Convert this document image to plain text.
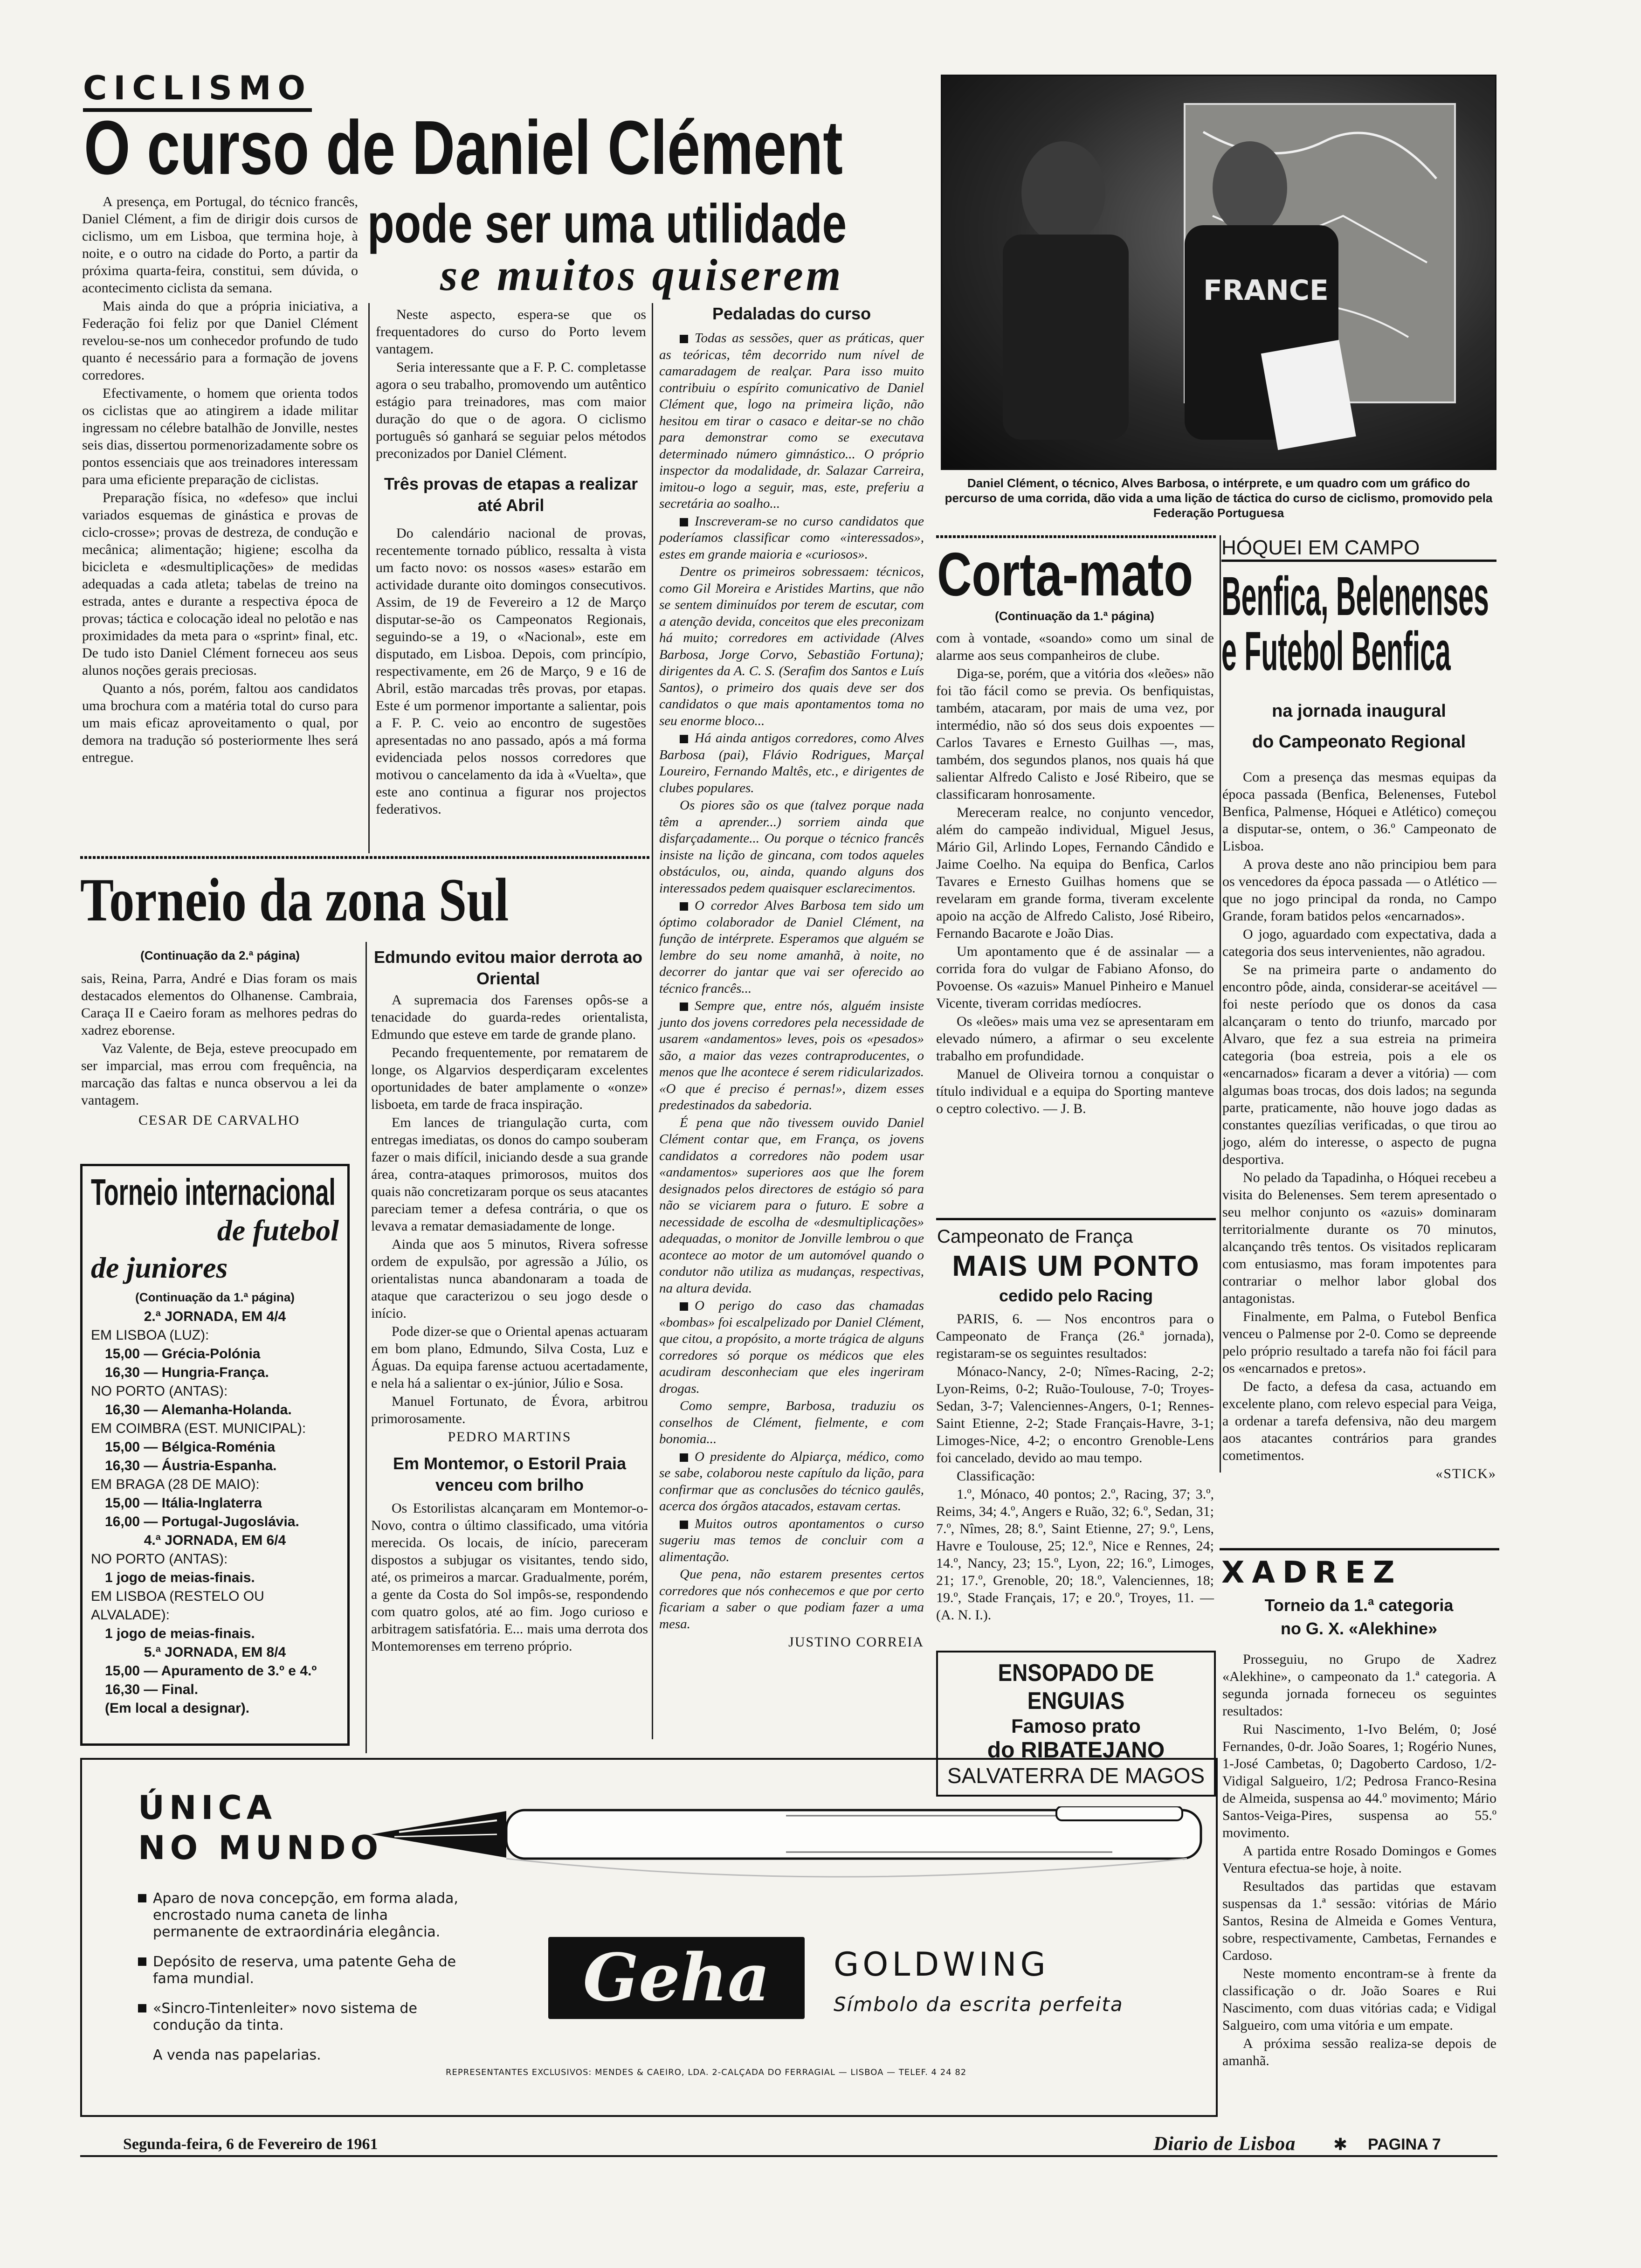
CICLISMO
O curso de Daniel Clément
pode ser uma utilidade
se muitos quiserem

A presença, em Portugal, do técnico francês, Daniel Clément, a fim de dirigir dois cursos de ciclismo, um em Lisboa, que termina hoje, à noite, e o outro na cidade do Porto, a partir da próxima quarta-feira, constitui, sem dúvida, o acontecimento ciclista da semana.

Mais ainda do que a própria iniciativa, a Federação foi feliz por que Daniel Clément revelou-se-nos um conhecedor profundo de tudo quanto é necessário para a formação de jovens corredores.

Efectivamente, o homem que orienta todos os ciclistas que ao atingirem a idade militar ingressam no célebre batalhão de Jonville, nestes seis dias, dissertou pormenorizadamente sobre os pontos essenciais que aos treinadores interessam para uma eficiente preparação de ciclistas.

Preparação física, no «defeso» que inclui variados esquemas de ginástica e provas de ciclo-crosse»; provas de destreza, de condução e mecânica; alimentação; higiene; escolha da bicicleta e «desmultiplicações» de medidas adequadas a cada atleta; tabelas de treino na estrada, antes e durante a respectiva época de provas; táctica e colocação ideal no pelotão e nas proximidades da meta para o «sprint» final, etc. De tudo isto Daniel Clément forneceu aos seus alunos noções gerais preciosas.

Quanto a nós, porém, faltou aos candidatos uma brochura com a matéria total do curso para um mais eficaz aproveitamento o qual, por demora na tradução só posteriormente lhes será entregue.

Neste aspecto, espera-se que os frequentadores do curso do Porto levem vantagem.

Seria interessante que a F. P. C. completasse agora o seu trabalho, promovendo um autêntico estágio para treinadores, mas com maior duração do que o de agora. O ciclismo português só ganhará se seguiar pelos métodos preconizados por Daniel Clément.

Três provas de etapas a realizar até Abril

Do calendário nacional de provas, recentemente tornado público, ressalta à vista um facto novo: os nossos «ases» estarão em actividade durante oito domingos consecutivos. Assim, de 19 de Fevereiro a 12 de Março disputar-se-ão os Campeonatos Regionais, seguindo-se a 19, o «Nacional», este em disputado, em Lisboa. Depois, com princípio, respectivamente, em 26 de Março, 9 e 16 de Abril, estão marcadas três provas, por etapas. Este é um pormenor importante a salientar, pois a F. P. C. veio ao encontro de sugestões apresentadas no ano passado, após a má forma evidenciada pelos nossos corredores que motivou o cancelamento da ida à «Vuelta», que este ano continua a figurar nos projectos federativos.

Pedaladas do curso

Todas as sessões, quer as práticas, quer as teóricas, têm decorrido num nível de camaradagem de realçar. Para isso muito contribuiu o espírito comunicativo de Daniel Clément que, logo na primeira lição, não hesitou em tirar o casaco e deitar-se no chão para demonstrar como se executava determinado número gimnástico... O próprio inspector da modalidade, dr. Salazar Carreira, imitou-o logo a seguir, mas, este, preferiu a secretária ao soalho...

Inscreveram-se no curso candidatos que poderíamos classificar como «interessados», estes em grande maioria e «curiosos».

Dentre os primeiros sobressaem: técnicos, como Gil Moreira e Aristides Martins, que não se sentem diminuídos por terem de escutar, com a atenção devida, conceitos que eles preconizam há muito; corredores em actividade (Alves Barbosa, Jorge Corvo, Sebastião Fortuna); dirigentes da A. C. S. (Serafim dos Santos e Luís Santos), o primeiro dos quais deve ser dos candidatos o que mais apontamentos toma no seu enorme bloco...

Há ainda antigos corredores, como Alves Barbosa (pai), Flávio Rodrigues, Marçal Loureiro, Fernando Maltês, etc., e dirigentes de clubes populares.

Os piores são os que (talvez porque nada têm a aprender...) sorriem ainda que disfarçadamente... Ou porque o técnico francês insiste na lição de gincana, com todos aqueles obstáculos, ou, ainda, quando alguns dos interessados pedem quaisquer esclarecimentos.

O corredor Alves Barbosa tem sido um óptimo colaborador de Daniel Clément, na função de intérprete. Esperamos que alguém se lembre do seu nome amanhã, à noite, no decorrer do jantar que vai ser oferecido ao técnico francês...

Sempre que, entre nós, alguém insiste junto dos jovens corredores pela necessidade de usarem «andamentos» leves, pois os «pesados» são, a maior das vezes contraproducentes, o menos que lhe acontece é serem ridicularizados. «O que é preciso é pernas!», dizem esses predestinados da sabedoria.

É pena que não tivessem ouvido Daniel Clément contar que, em França, os jovens candidatos a corredores não podem usar «andamentos» superiores aos que lhe forem designados pelos directores de estágio só para não se viciarem para o futuro. E sobre a necessidade de escolha de «desmultiplicações» adequadas, o monitor de Jonville lembrou o que acontece ao motor de um automóvel quando o condutor não utiliza as mudanças, respectivas, na altura devida.

O perigo do caso das chamadas «bombas» foi escalpelizado por Daniel Clément, que citou, a propósito, a morte trágica de alguns corredores só porque os médicos que eles acudiram desconheciam que eles ingeriram drogas.

Como sempre, Barbosa, traduziu os conselhos de Clément, fielmente, e com bonomia...

O presidente do Alpiarça, médico, como se sabe, colaborou neste capítulo da lição, para confirmar que as conclusões do técnico gaulês, acerca dos órgãos atacados, estavam certas.

Muitos outros apontamentos o curso sugeriu mas temos de concluir com a alimentação.

Que pena, não estarem presentes certos corredores que nós conhecemos e que por certo ficariam a saber o que podiam fazer a uma mesa.

JUSTINO CORREIA
FRANCE
Daniel Clément, o técnico, Alves Barbosa, o intérprete, e um quadro com um gráfico do percurso de uma corrida, dão vida a uma lição de táctica do curso de ciclismo, promovido pela Federação Portuguesa
Corta-mato
(Continuação da 1.ª página)

com à vontade, «soando» como um sinal de alarme aos seus companheiros de clube.

Diga-se, porém, que a vitória dos «leões» não foi tão fácil como se previa. Os benfiquistas, também, atacaram, por mais de uma vez, por intermédio, não só dos seus dois expoentes — Carlos Tavares e Ernesto Guilhas —, mas, também, dos segundos planos, nos quais há que salientar Alfredo Calisto e José Ribeiro, que se classificaram honrosamente.

Mereceram realce, no conjunto vencedor, além do campeão individual, Miguel Jesus, Mário Gil, Arlindo Lopes, Fernando Cândido e Jaime Coelho. Na equipa do Benfica, Carlos Tavares e Ernesto Guilhas homens que se revelaram em grande forma, tiveram excelente apoio na acção de Alfredo Calisto, José Ribeiro, Fernando Bacarote e João Dias.

Um apontamento que é de assinalar — a corrida fora do vulgar de Fabiano Afonso, do Povoense. Os «azuis» Manuel Pinheiro e Manuel Vicente, tiveram corridas medíocres.

Os «leões» mais uma vez se apresentaram em elevado número, a afirmar o seu excelente trabalho em profundidade.

Manuel de Oliveira tornou a conquistar o título individual e a equipa do Sporting manteve o ceptro colectivo. — J. B.

Campeonato de França
MAIS UM PONTO
cedido pelo Racing

PARIS, 6. — Nos encontros para o Campeonato de França (26.ª jornada), registaram-se os seguintes resultados:

Mónaco-Nancy, 2-0; Nîmes-Racing, 2-2; Lyon-Reims, 0-2; Ruão-Toulouse, 7-0; Troyes-Sedan, 3-7; Valenciennes-Angers, 0-1; Rennes-Saint Etienne, 2-2; Stade Français-Havre, 3-1; Limoges-Nice, 4-2; o encontro Grenoble-Lens foi cancelado, devido ao mau tempo.

Classificação:

1.º, Mónaco, 40 pontos; 2.º, Racing, 37; 3.º, Reims, 34; 4.º, Angers e Ruão, 32; 6.º, Sedan, 31; 7.º, Nîmes, 28; 8.º, Saint Etienne, 27; 9.º, Lens, Havre e Toulouse, 25; 12.º, Nice e Rennes, 24; 14.º, Nancy, 23; 15.º, Lyon, 22; 16.º, Limoges, 21; 17.º, Grenoble, 20; 18.º, Valenciennes, 18; 19.º, Stade Français, 17; e 20.º, Troyes, 11. — (A. N. I.).

ENSOPADO DE ENGUIAS
Famoso prato
do RIBATEJANO
SALVATERRA DE MAGOS
HÓQUEI EM CAMPO
Benfica, Belenenses
e Futebol Benfica
na jornada inaugural
do Campeonato Regional

Com a presença das mesmas equipas da época passada (Benfica, Belenenses, Futebol Benfica, Palmense, Hóquei e Atlético) começou a disputar-se, ontem, o 36.º Campeonato de Lisboa.

A prova deste ano não principiou bem para os vencedores da época passada — o Atlético — que no jogo principal da ronda, no Campo Grande, foram batidos pelos «encarnados».

O jogo, aguardado com expectativa, dada a categoria dos seus intervenientes, não agradou.

Se na primeira parte o andamento do encontro pôde, ainda, considerar-se aceitável — foi neste período que os donos da casa alcançaram o tento do triunfo, marcado por Alvaro, que fez a sua estreia na primeira categoria (boa estreia, pois a ele os «encarnados» ficaram a dever a vitória) — com algumas boas trocas, dos dois lados; na segunda parte, praticamente, não houve jogo dadas as constantes quezílias verificadas, o que tirou ao jogo, além do interesse, o aspecto de pugna desportiva.

No pelado da Tapadinha, o Hóquei recebeu a visita do Belenenses. Sem terem apresentado o seu melhor conjunto os «azuis» dominaram territorialmente durante os 70 minutos, alcançando três tentos. Os visitados replicaram com entusiasmo, mas foram impotentes para contrariar o melhor labor global dos antagonistas.

Finalmente, em Palma, o Futebol Benfica venceu o Palmense por 2-0. Como se depreende pelo próprio resultado a tarefa não foi fácil para os «encarnados e pretos».

De facto, a defesa da casa, actuando em excelente plano, com relevo especial para Veiga, a ordenar a tarefa defensiva, não deu margem aos atacantes contrários para grandes cometimentos.

«STICK»
XADREZ
Torneio da 1.ª categoria
no G. X. «Alekhine»

Prosseguiu, no Grupo de Xadrez «Alekhine», o campeonato da 1.ª categoria. A segunda jornada forneceu os seguintes resultados:

Rui Nascimento, 1-Ivo Belém, 0; José Fernandes, 0-dr. João Soares, 1; Rogério Nunes, 1-José Cambetas, 0; Dagoberto Cardoso, 1/2-Vidigal Salgueiro, 1/2; Pedrosa Franco-Resina de Almeida, suspensa ao 44.º movimento; Mário Santos-Veiga-Pires, suspensa ao 55.º movimento.

A partida entre Rosado Domingos e Gomes Ventura efectua-se hoje, à noite.

Resultados das partidas que estavam suspensas da 1.ª sessão: vitórias de Mário Santos, Resina de Almeida e Gomes Ventura, sobre, respectivamente, Cambetas, Fernandes e Cardoso.

Neste momento encontram-se à frente da classificação o dr. João Soares e Rui Nascimento, com duas vitórias cada; e Vidigal Salgueiro, com uma vitória e um empate.

A próxima sessão realiza-se depois de amanhã.

Torneio da zona Sul
(Continuação da 2.ª página)

sais, Reina, Parra, André e Dias foram os mais destacados elementos do Olhanense. Cambraia, Caraça II e Caeiro foram as melhores pedras do xadrez eborense.

Vaz Valente, de Beja, esteve preocupado em ser imparcial, mas errou com frequência, na marcação das faltas e nunca observou a lei da vantagem.

CESAR DE CARVALHO
Edmundo evitou maior derrota ao Oriental

A supremacia dos Farenses opôs-se a tenacidade do guarda-redes orientalista, Edmundo que esteve em tarde de grande plano.

Pecando frequentemente, por rematarem de longe, os Algarvios desperdiçaram excelentes oportunidades de bater amplamente o «onze» lisboeta, em tarde de fraca inspiração.

Em lances de triangulação curta, com entregas imediatas, os donos do campo souberam fazer o mais difícil, iniciando desde a sua grande área, contra-ataques primorosos, muitos dos quais não concretizaram porque os seus atacantes pareciam temer a defesa contrária, o que os levava a rematar demasiadamente de longe.

Ainda que aos 5 minutos, Rivera sofresse ordem de expulsão, por agressão a Júlio, os orientalistas nunca abandonaram a toada de ataque que caracterizou o seu jogo desde o início.

Pode dizer-se que o Oriental apenas actuaram em bom plano, Edmundo, Silva Costa, Luz e Águas. Da equipa farense actuou acertadamente, e nela há a salientar o ex-júnior, Júlio e Sosa.

Manuel Fortunato, de Évora, arbitrou primorosamente.

PEDRO MARTINS
Em Montemor, o Estoril Praia venceu com brilho

Os Estorilistas alcançaram em Montemor-o-Novo, contra o último classificado, uma vitória merecida. Os locais, de início, pareceram dispostos a subjugar os visitantes, tendo sido, até, os primeiros a marcar. Gradualmente, porém, a gente da Costa do Sol impôs-se, respondendo com quatro golos, até ao fim. Jogo curioso e arbitragem satisfatória. E... mais uma derrota dos Montemorenses em terreno próprio.

Torneio internacional
de futebol
de juniores
(Continuação da 1.ª página)
2.ª JORNADA, EM 4/4
EM LISBOA (LUZ):
15,00 — Grécia-Polónia
16,30 — Hungria-França.
NO PORTO (ANTAS):
16,30 — Alemanha-Holanda.
EM COIMBRA (EST. MUNICIPAL):
15,00 — Bélgica-Roménia
16,30 — Áustria-Espanha.
EM BRAGA (28 DE MAIO):
15,00 — Itália-Inglaterra
16,00 — Portugal-Jugoslávia.
4.ª JORNADA, EM 6/4
NO PORTO (ANTAS):
1 jogo de meias-finais.
EM LISBOA (RESTELO OU ALVALADE):
1 jogo de meias-finais.
5.ª JORNADA, EM 8/4
15,00 — Apuramento de 3.º e 4.º
16,30 — Final.
(Em local a designar).
ÚNICA
NO MUNDO
Aparo de nova concepção, em forma alada, encrostado numa caneta de linha permanente de extraordinária elegância.
Depósito de reserva, uma patente Geha de fama mundial.
«Sincro-Tintenleiter» novo sistema de condução da tinta.
A venda nas papelarias.
Geha	GOLDWING
Símbolo da escrita perfeita
REPRESENTANTES EXCLUSIVOS: MENDES & CAEIRO, LDA. 2-CALÇADA DO FERRAGIAL — LISBOA — TELEF. 4 24 82
Segunda-feira, 6 de Fevereiro de 1961	Diario de Lisboa	✱	PAGINA 7
